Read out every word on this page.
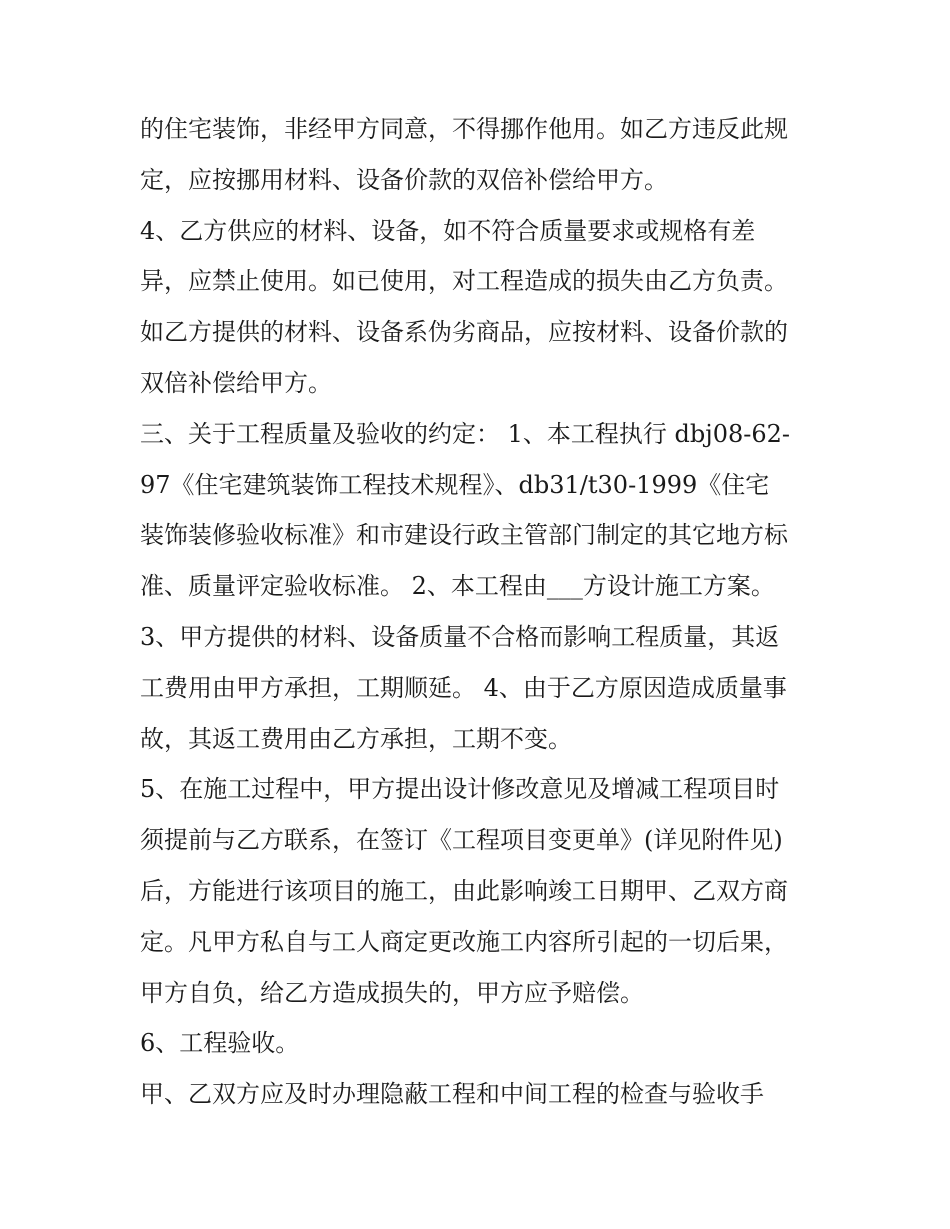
的住宅装饰，非经甲方同意，不得挪作他用。如乙方违反此规
定，应按挪用材料、设备价款的双倍补偿给甲方。
4、乙方供应的材料、设备，如不符合质量要求或规格有差
异，应禁止使用。如已使用，对工程造成的损失由乙方负责。
如乙方提供的材料、设备系伪劣商品，应按材料、设备价款的
双倍补偿给甲方。
三、关于工程质量及验收的约定： 1、本工程执行 dbj08-62-
97《住宅建筑装饰工程技术规程》、db31/t30-1999《住宅
装饰装修验收标准》和市建设行政主管部门制定的其它地方标
准、质量评定验收标准。 2、本工程由___方设计施工方案。
3、甲方提供的材料、设备质量不合格而影响工程质量，其返
工费用由甲方承担，工期顺延。 4、由于乙方原因造成质量事
故，其返工费用由乙方承担，工期不变。
5、在施工过程中，甲方提出设计修改意见及增减工程项目时
须提前与乙方联系，在签订《工程项目变更单》(详见附件见)
后，方能进行该项目的施工，由此影响竣工日期甲、乙双方商
定。凡甲方私自与工人商定更改施工内容所引起的一切后果，
甲方自负，给乙方造成损失的，甲方应予赔偿。
6、工程验收。
甲、乙双方应及时办理隐蔽工程和中间工程的检查与验收手
